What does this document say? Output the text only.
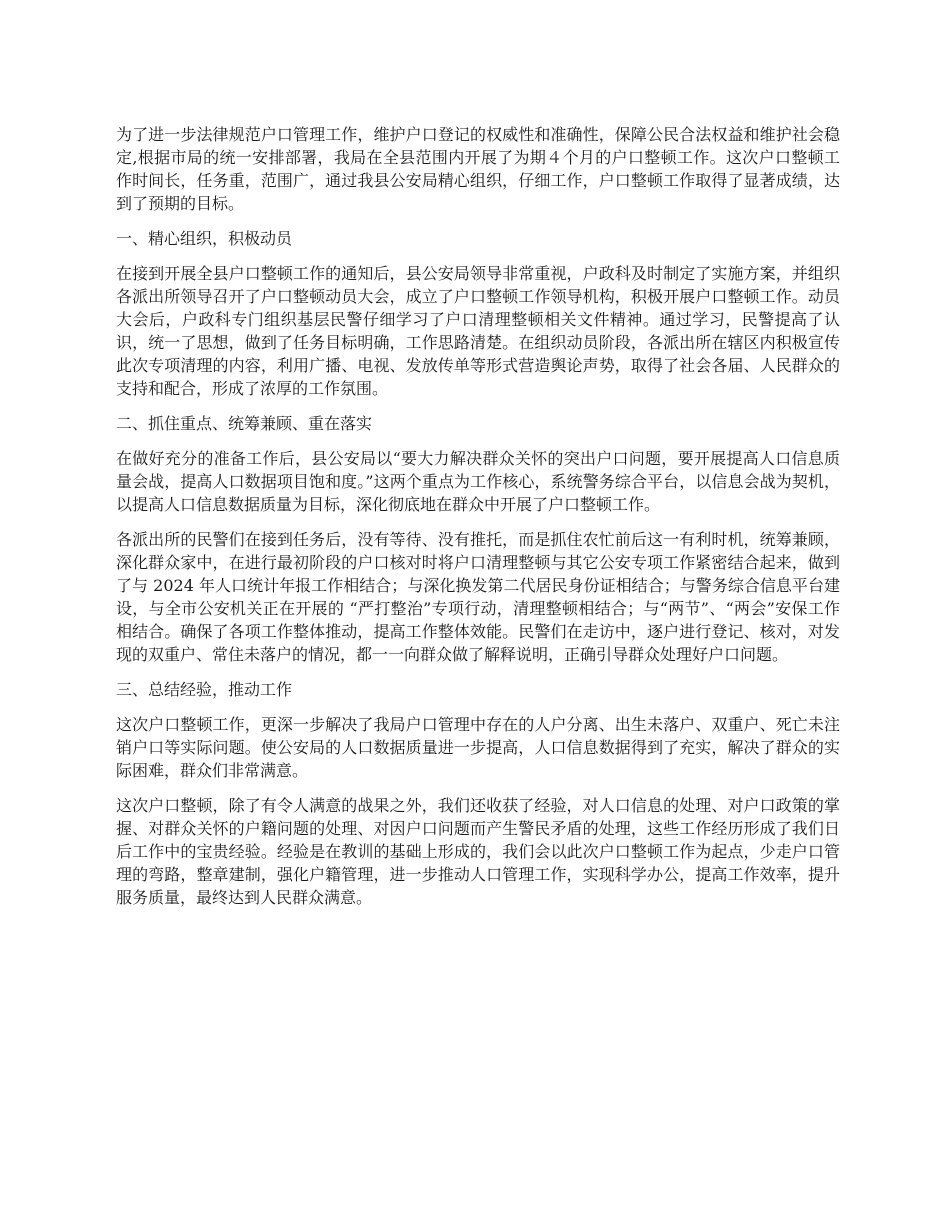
为了进一步法律规范户口管理工作，维护户口登记的权威性和准确性，保障公民合法权益和维护社会稳定,根据市局的统一安排部署，我局在全县范围内开展了为期４个月的户口整顿工作。这次户口整顿工作时间长，任务重，范围广，通过我县公安局精心组织，仔细工作，户口整顿工作取得了显著成绩，达到了预期的目标。

一、精心组织，积极动员

在接到开展全县户口整顿工作的通知后，县公安局领导非常重视，户政科及时制定了实施方案，并组织各派出所领导召开了户口整顿动员大会，成立了户口整顿工作领导机构，积极开展户口整顿工作。动员大会后，户政科专门组织基层民警仔细学习了户口清理整顿相关文件精神。通过学习，民警提高了认识，统一了思想，做到了任务目标明确，工作思路清楚。在组织动员阶段，各派出所在辖区内积极宣传此次专项清理的内容，利用广播、电视、发放传单等形式营造舆论声势，取得了社会各届、人民群众的支持和配合，形成了浓厚的工作氛围。

二、抓住重点、统筹兼顾、重在落实

在做好充分的准备工作后，县公安局以“要大力解决群众关怀的突出户口问题，要开展提高人口信息质量会战，提高人口数据项目饱和度。”这两个重点为工作核心，系统警务综合平台，以信息会战为契机，以提高人口信息数据质量为目标，深化彻底地在群众中开展了户口整顿工作。

各派出所的民警们在接到任务后，没有等待、没有推托，而是抓住农忙前后这一有利时机，统筹兼顾，深化群众家中，在进行最初阶段的户口核对时将户口清理整顿与其它公安专项工作紧密结合起来，做到了与 2024 年人口统计年报工作相结合；与深化换发第二代居民身份证相结合；与警务综合信息平台建设，与全市公安机关正在开展的 “严打整治”专项行动，清理整顿相结合；与“两节”、“两会”安保工作相结合。确保了各项工作整体推动，提高工作整体效能。民警们在走访中，逐户进行登记、核对，对发现的双重户、常住未落户的情况，都一一向群众做了解释说明，正确引导群众处理好户口问题。

三、总结经验，推动工作

这次户口整顿工作，更深一步解决了我局户口管理中存在的人户分离、出生未落户、双重户、死亡未注销户口等实际问题。使公安局的人口数据质量进一步提高，人口信息数据得到了充实，解决了群众的实际困难，群众们非常满意。

这次户口整顿，除了有令人满意的战果之外，我们还收获了经验，对人口信息的处理、对户口政策的掌握、对群众关怀的户籍问题的处理、对因户口问题而产生警民矛盾的处理，这些工作经历形成了我们日后工作中的宝贵经验。经验是在教训的基础上形成的，我们会以此次户口整顿工作为起点，少走户口管理的弯路，整章建制，强化户籍管理，进一步推动人口管理工作，实现科学办公，提高工作效率，提升服务质量，最终达到人民群众满意。
